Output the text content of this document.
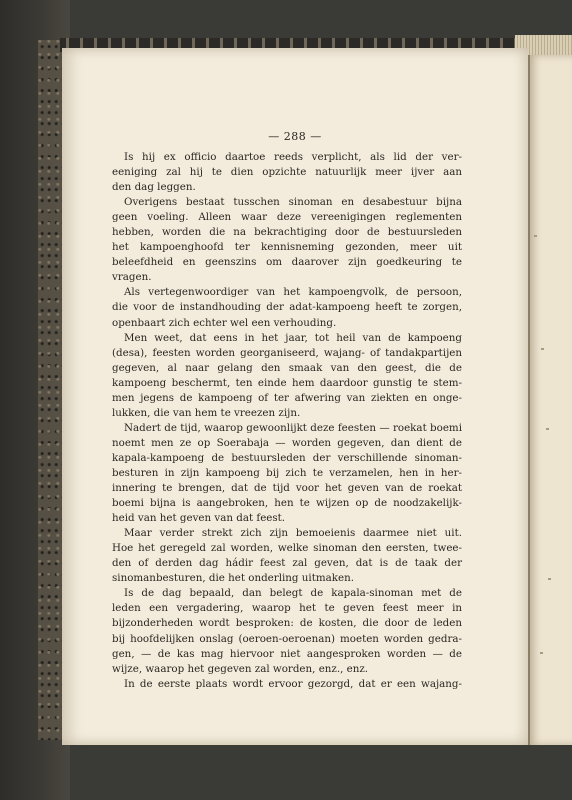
— 288 —
Is hij ex officio daartoe reeds verplicht, als lid der ver-
eeniging zal hij te dien opzichte natuurlijk meer ijver aan
den dag leggen.
Overigens bestaat tusschen sinoman en desabestuur bijna
geen voeling. Alleen waar deze vereenigingen reglementen
hebben, worden die na bekrachtiging door de bestuursleden
het kampoenghoofd ter kennisneming gezonden, meer uit
beleefdheid en geenszins om daarover zijn goedkeuring te
vragen.
Als vertegenwoordiger van het kampoengvolk, de persoon,
die voor de instandhouding der adat-kampoeng heeft te zorgen,
openbaart zich echter wel een verhouding.
Men weet, dat eens in het jaar, tot heil van de kampoeng
(desa), feesten worden georganiseerd, wajang- of tandakpartijen
gegeven, al naar gelang den smaak van den geest, die de
kampoeng beschermt, ten einde hem daardoor gunstig te stem-
men jegens de kampoeng of ter afwering van ziekten en onge-
lukken, die van hem te vreezen zijn.
Nadert de tijd, waarop gewoonlijkt deze feesten — roekat boemi
noemt men ze op Soerabaja — worden gegeven, dan dient de
kapala-kampoeng de bestuursleden der verschillende sinoman-
besturen in zijn kampoeng bij zich te verzamelen, hen in her-
innering te brengen, dat de tijd voor het geven van de roekat
boemi bijna is aangebroken, hen te wijzen op de noodzakelijk-
heid van het geven van dat feest.
Maar verder strekt zich zijn bemoeienis daarmee niet uit.
Hoe het geregeld zal worden, welke sinoman den eersten, twee-
den of derden dag hádir feest zal geven, dat is de taak der
sinomanbesturen, die het onderling uitmaken.
Is de dag bepaald, dan belegt de kapala-sinoman met de
leden een vergadering, waarop het te geven feest meer in
bijzonderheden wordt besproken: de kosten, die door de leden
bij hoofdelijken onslag (oeroen-oeroenan) moeten worden gedra-
gen, — de kas mag hiervoor niet aangesproken worden — de
wijze, waarop het gegeven zal worden, enz., enz.
In de eerste plaats wordt ervoor gezorgd, dat er een wajang-
